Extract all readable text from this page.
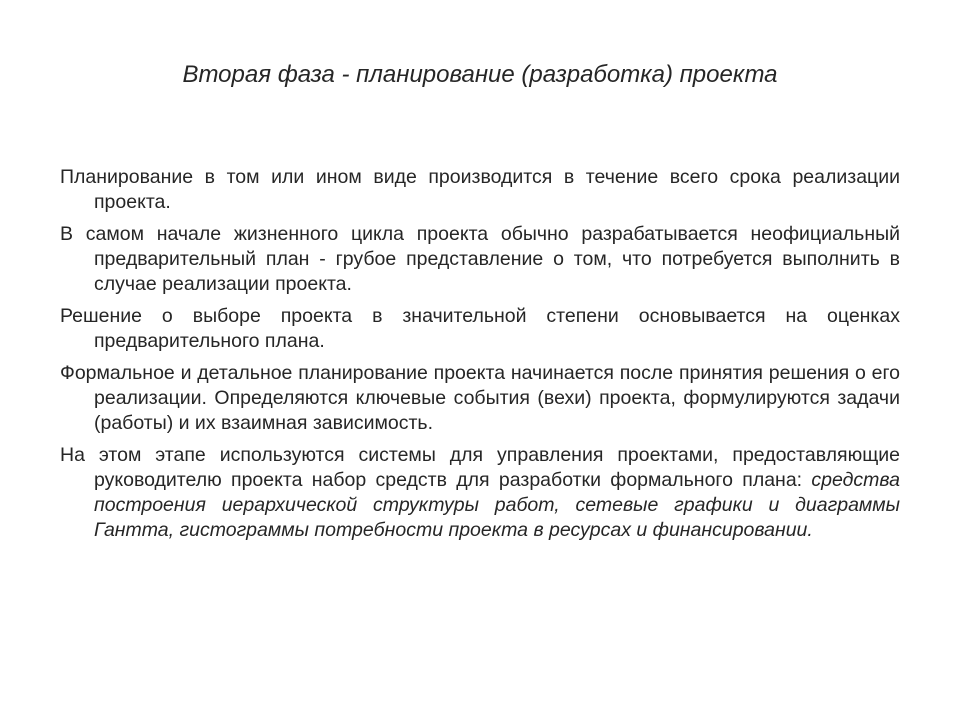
Вторая фаза - планирование (разработка) проекта

Планирование в том или ином виде производится в течение всего срока реализации проекта.

В самом начале жизненного цикла проекта обычно разрабатывается неофициальный предварительный план - грубое представление о том, что потребуется выполнить в случае реализации проекта.

Решение о выборе проекта в значительной степени основывается на оценках предварительного плана.

Формальное и детальное планирование проекта начинается после принятия решения о его реализации. Определяются ключевые события (вехи) проекта, формулируются задачи (работы) и их взаимная зависимость.

На этом этапе используются системы для управления проектами, предоставляющие руководителю проекта набор средств для разработки формального плана: средства построения иерархической структуры работ, сетевые графики и диаграммы Гантта, гистограммы потребности проекта в ресурсах и финансировании.
